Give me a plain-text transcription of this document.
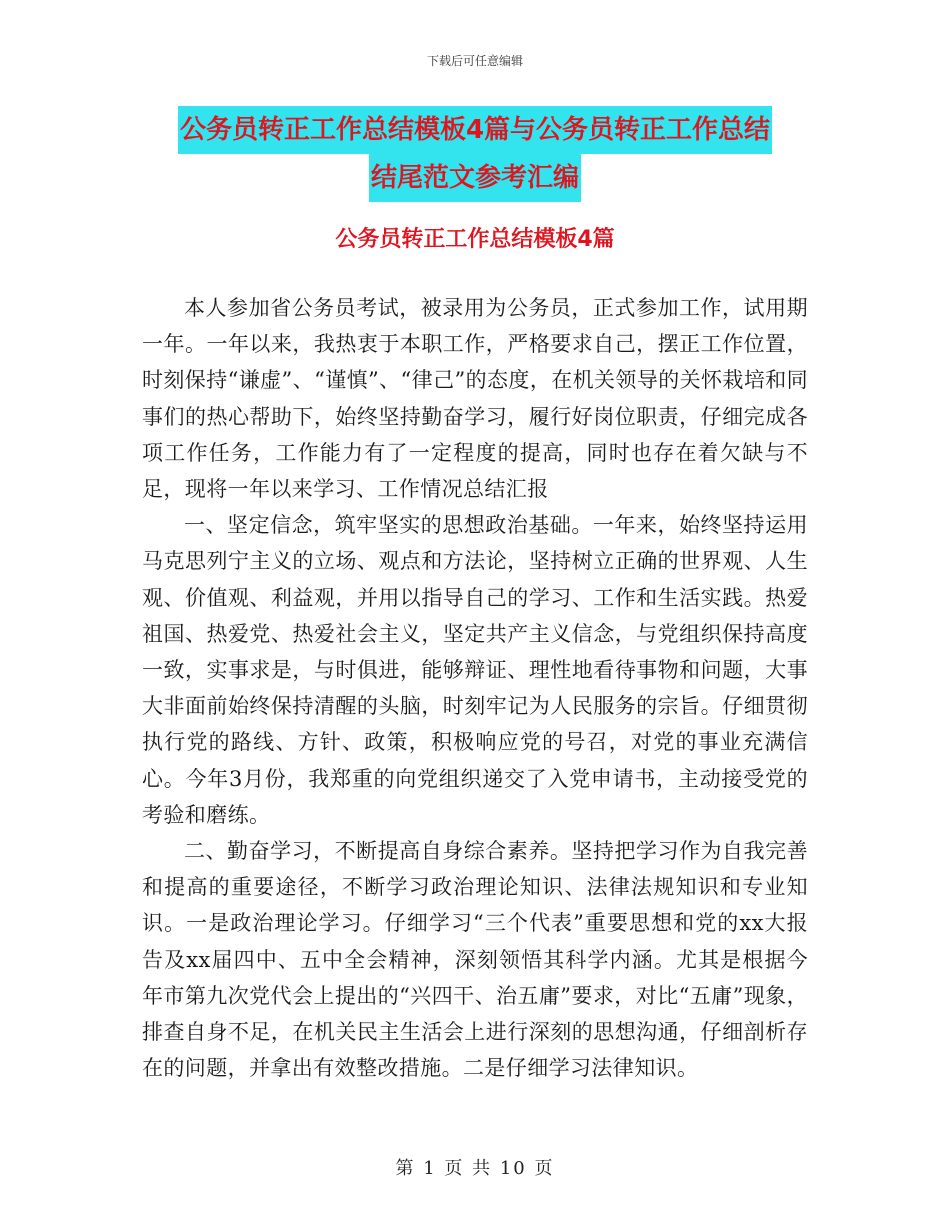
下载后可任意编辑
公务员转正工作总结模板4篇与公务员转正工作总结
结尾范文参考汇编
公务员转正工作总结模板4篇

本人参加省公务员考试，被录用为公务员，正式参加工作，试用期一年。一年以来，我热衷于本职工作，严格要求自己，摆正工作位置，时刻保持“谦虚”、“谨慎”、“律己”的态度，在机关领导的关怀栽培和同事们的热心帮助下，始终坚持勤奋学习，履行好岗位职责，仔细完成各项工作任务，工作能力有了一定程度的提高，同时也存在着欠缺与不足，现将一年以来学习、工作情况总结汇报

一、坚定信念，筑牢坚实的思想政治基础。一年来，始终坚持运用马克思列宁主义的立场、观点和方法论，坚持树立正确的世界观、人生观、价值观、利益观，并用以指导自己的学习、工作和生活实践。热爱祖国、热爱党、热爱社会主义，坚定共产主义信念，与党组织保持高度一致，实事求是，与时俱进，能够辩证、理性地看待事物和问题，大事大非面前始终保持清醒的头脑，时刻牢记为人民服务的宗旨。仔细贯彻执行党的路线、方针、政策，积极响应党的号召，对党的事业充满信心。今年3月份，我郑重的向党组织递交了入党申请书，主动接受党的考验和磨练。

二、勤奋学习，不断提高自身综合素养。坚持把学习作为自我完善和提高的重要途径，不断学习政治理论知识、法律法规知识和专业知识。一是政治理论学习。仔细学习“三个代表”重要思想和党的xx大报告及xx届四中、五中全会精神，深刻领悟其科学内涵。尤其是根据今年市第九次党代会上提出的“兴四干、治五庸”要求，对比“五庸”现象，排查自身不足，在机关民主生活会上进行深刻的思想沟通，仔细剖析存在的问题，并拿出有效整改措施。二是仔细学习法律知识。

第 1 页 共 10 页
